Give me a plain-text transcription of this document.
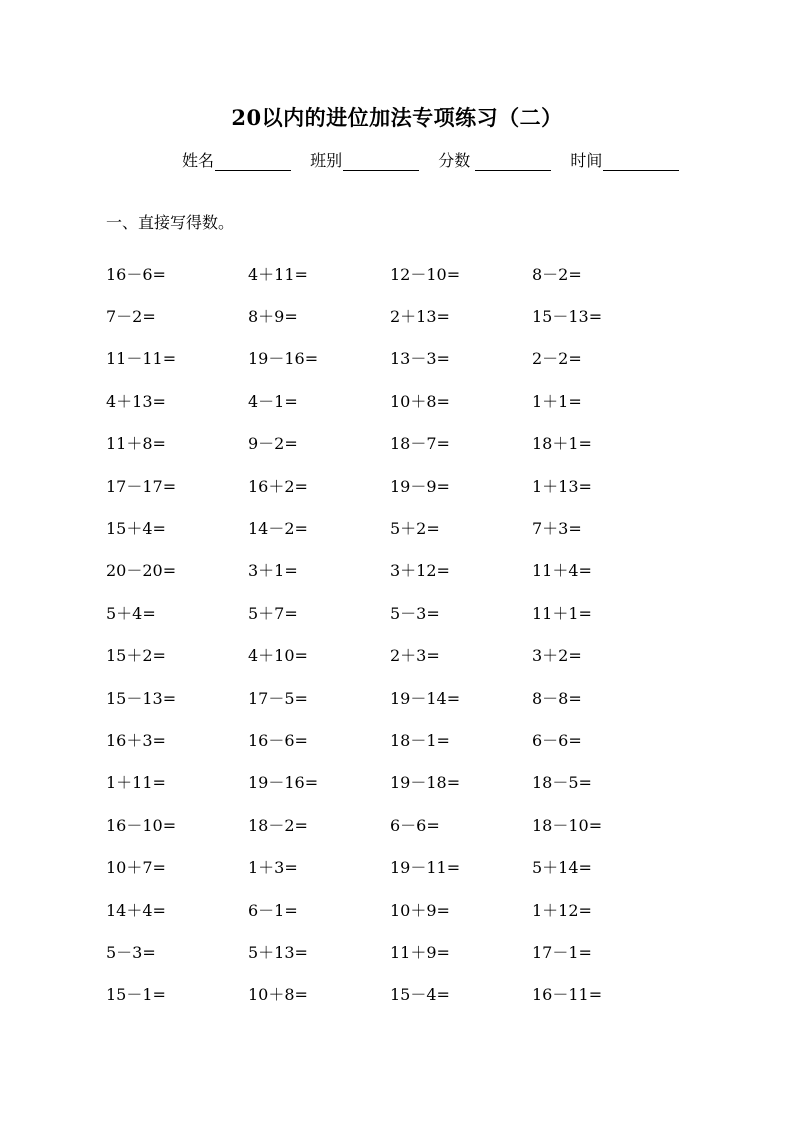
20以内的进位加法专项练习（二）
姓名	班别	分数	时间
一、直接写得数。
16－6=	4＋11=	12－10=	8－2=
7－2=	8＋9=	2＋13=	15－13=
11－11=	19－16=	13－3=	2－2=
4＋13=	4－1=	10＋8=	1＋1=
11＋8=	9－2=	18－7=	18＋1=
17－17=	16＋2=	19－9=	1＋13=
15＋4=	14－2=	5＋2=	7＋3=
20－20=	3＋1=	3＋12=	11＋4=
5＋4=	5＋7=	5－3=	11＋1=
15＋2=	4＋10=	2＋3=	3＋2=
15－13=	17－5=	19－14=	8－8=
16＋3=	16－6=	18－1=	6－6=
1＋11=	19－16=	19－18=	18－5=
16－10=	18－2=	6－6=	18－10=
10＋7=	1＋3=	19－11=	5＋14=
14＋4=	6－1=	10＋9=	1＋12=
5－3=	5＋13=	11＋9=	17－1=
15－1=	10＋8=	15－4=	16－11=
